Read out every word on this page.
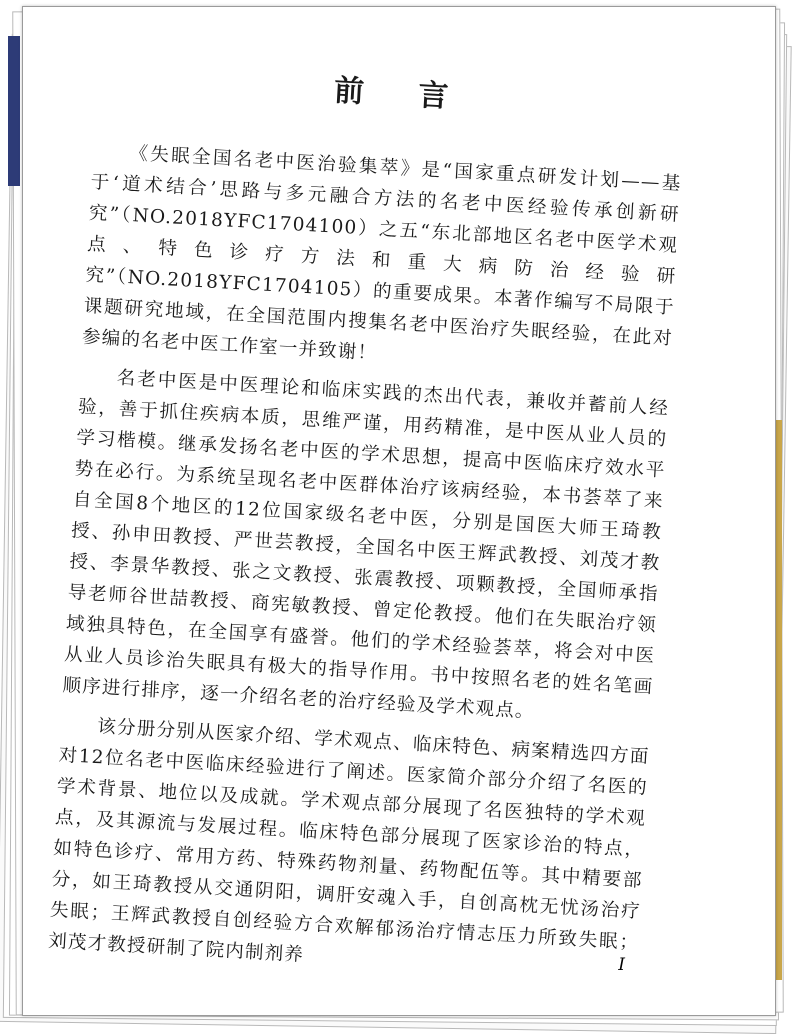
前 言

《失眠全国名老中医治验集萃》是“国家重点研发计划——基于‘道术结合’思路与多元融合方法的名老中医经验传承创新研究”（NO.2018YFC1704100）之五“东北部地区名老中医学术观点、特色诊疗方法和重大病防治经验研究”（NO.2018YFC1704105）的重要成果。本著作编写不局限于课题研究地域，在全国范围内搜集名老中医治疗失眠经验，在此对参编的名老中医工作室一并致谢！

名老中医是中医理论和临床实践的杰出代表，兼收并蓄前人经验，善于抓住疾病本质，思维严谨，用药精准，是中医从业人员的学习楷模。继承发扬名老中医的学术思想，提高中医临床疗效水平势在必行。为系统呈现名老中医群体治疗该病经验，本书荟萃了来自全国8个地区的12位国家级名老中医，分别是国医大师王琦教授、孙申田教授、严世芸教授，全国名中医王辉武教授、刘茂才教授、李景华教授、张之文教授、张震教授、项颗教授，全国师承指导老师谷世喆教授、商宪敏教授、曾定伦教授。他们在失眠治疗领域独具特色，在全国享有盛誉。他们的学术经验荟萃，将会对中医从业人员诊治失眠具有极大的指导作用。书中按照名老的姓名笔画顺序进行排序，逐一介绍名老的治疗经验及学术观点。

该分册分别从医家介绍、学术观点、临床特色、病案精选四方面对12位名老中医临床经验进行了阐述。医家简介部分介绍了名医的学术背景、地位以及成就。学术观点部分展现了名医独特的学术观点，及其源流与发展过程。临床特色部分展现了医家诊治的特点，如特色诊疗、常用方药、特殊药物剂量、药物配伍等。其中精要部分，如王琦教授从交通阴阳，调肝安魂入手，自创高枕无忧汤治疗失眠；王辉武教授自创经验方合欢解郁汤治疗情志压力所致失眠；刘茂才教授研制了院内制剂养	I
